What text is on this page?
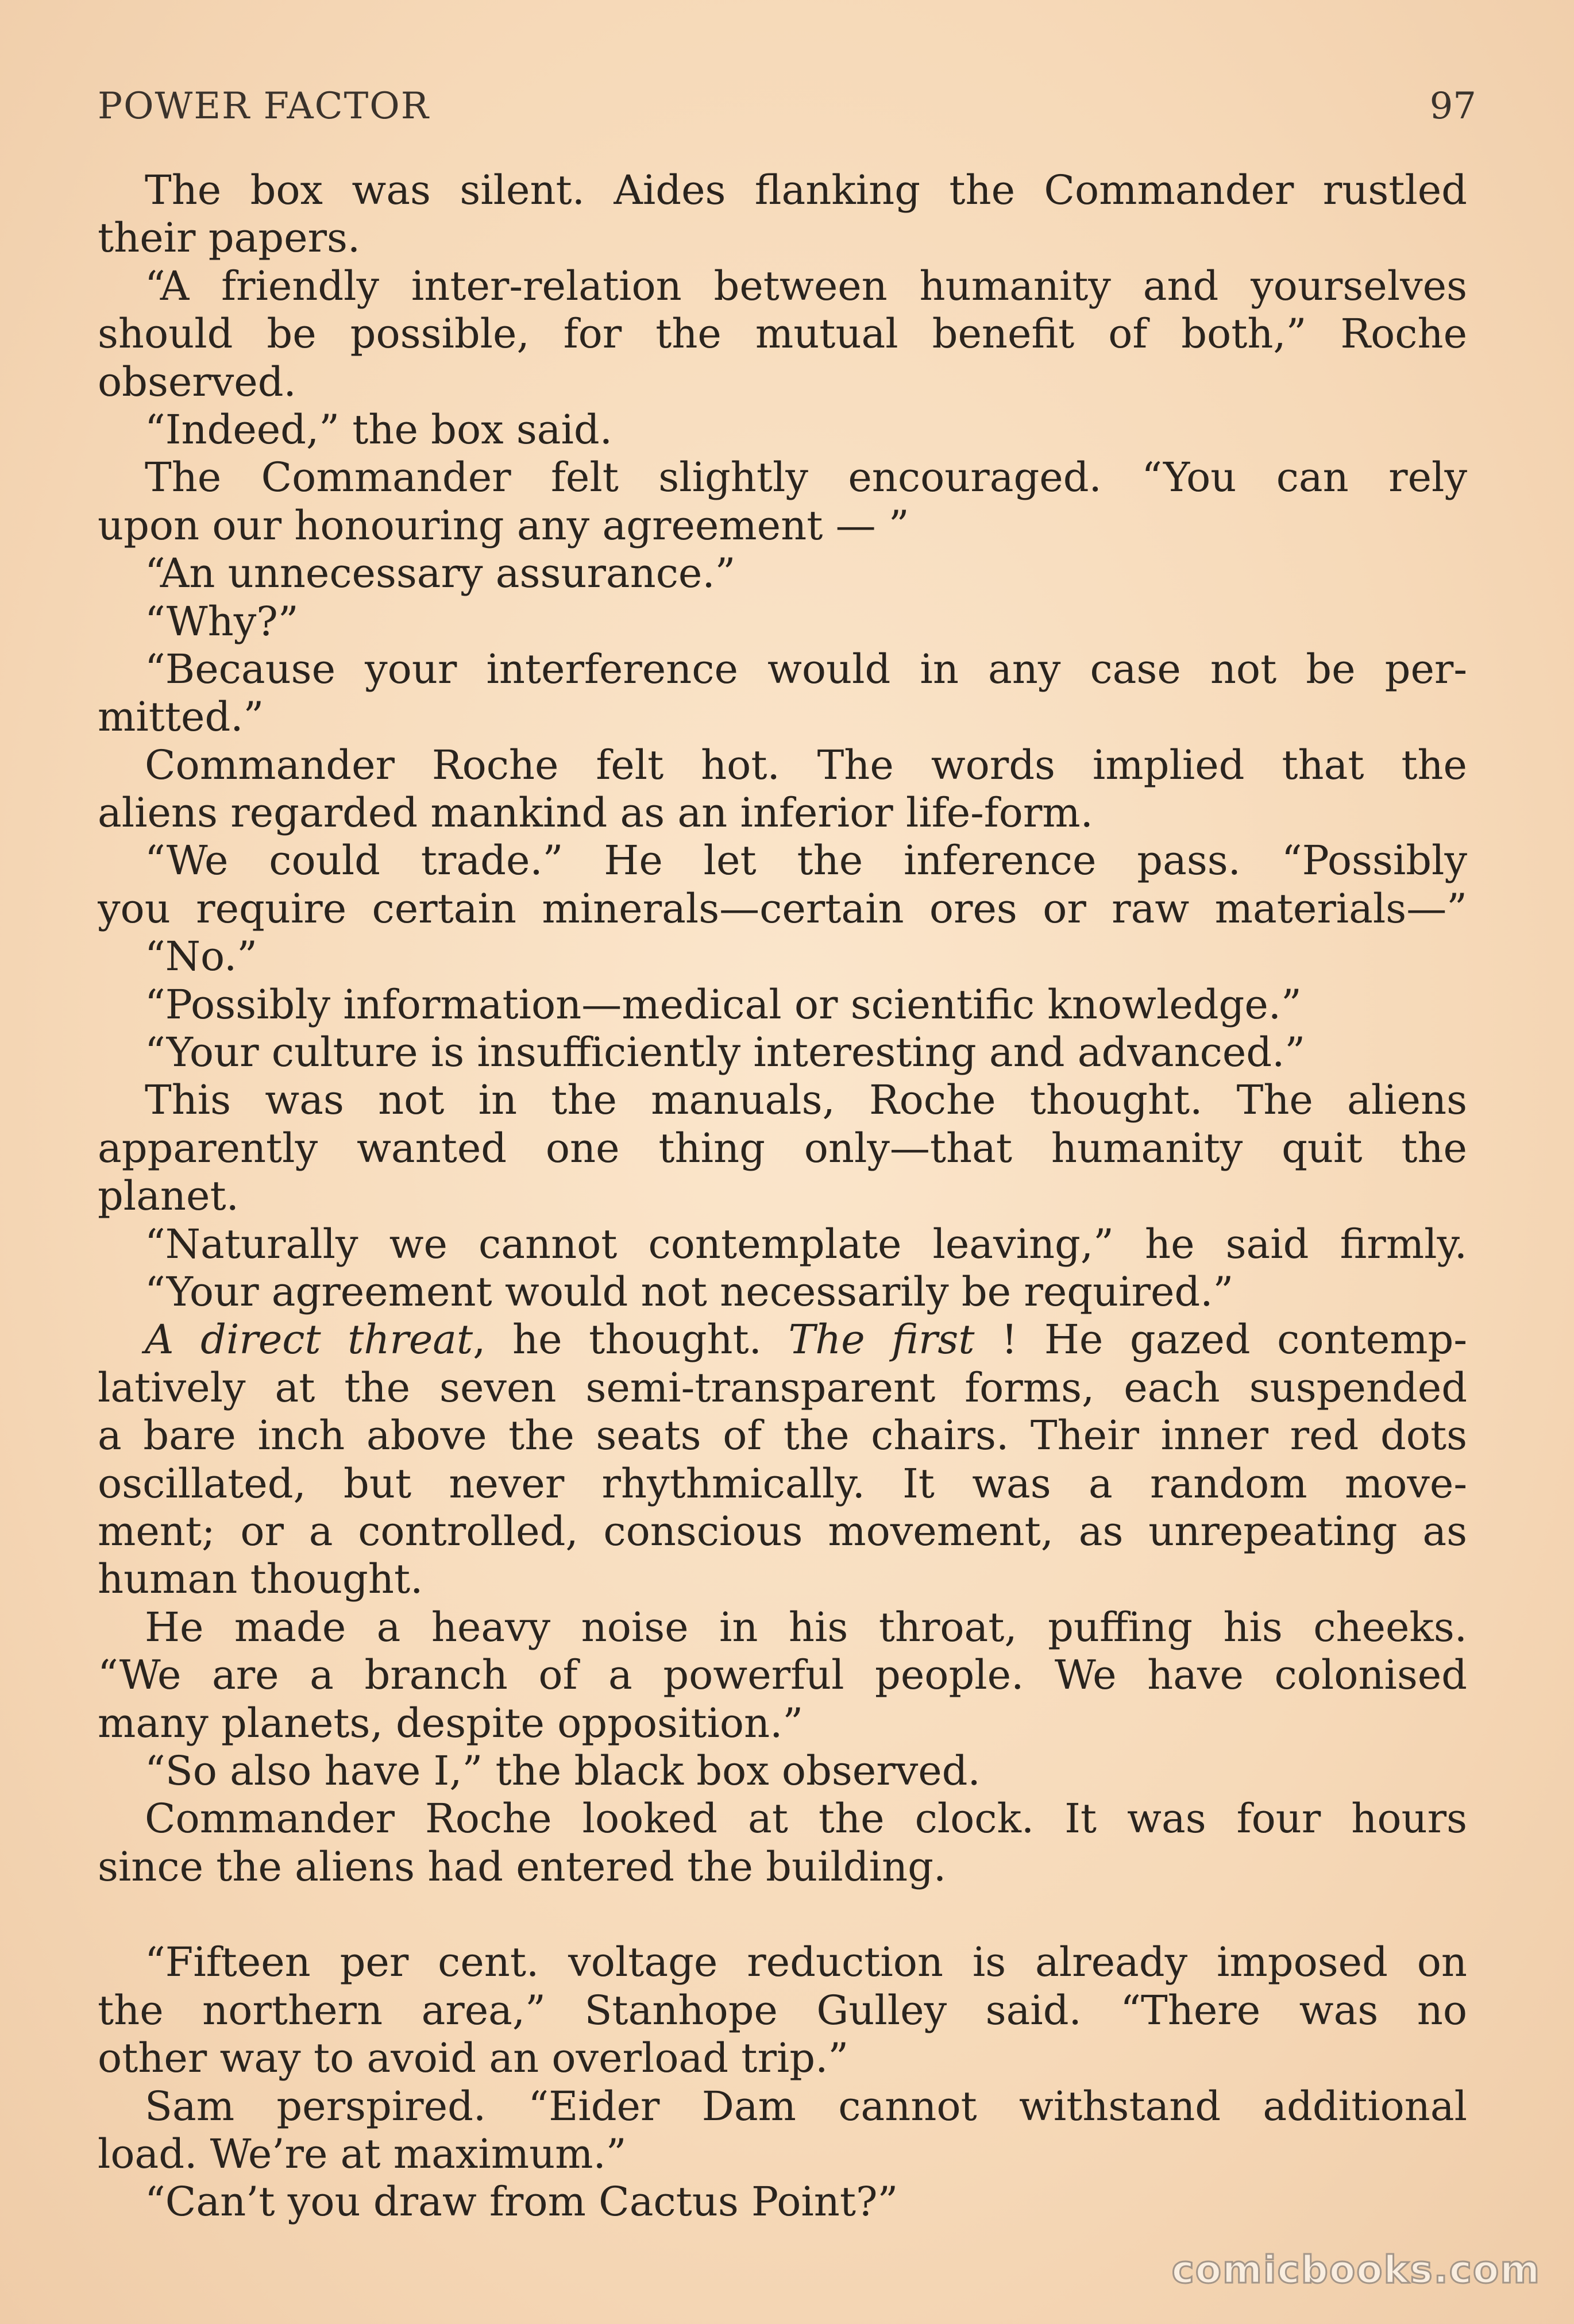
POWER FACTOR	97
The box was silent. Aides flanking the Commander rustled
their papers.
“A friendly inter-relation between humanity and yourselves
should be possible, for the mutual benefit of both,” Roche
observed.
“Indeed,” the box said.
The Commander felt slightly encouraged. “You can rely
upon our honouring any agreement — ”
“An unnecessary assurance.”
“Why?”
“Because your interference would in any case not be per-
mitted.”
Commander Roche felt hot. The words implied that the
aliens regarded mankind as an inferior life-form.
“We could trade.” He let the inference pass. “Possibly
you require certain minerals—certain ores or raw materials—”
“No.”
“Possibly information—medical or scientific knowledge.”
“Your culture is insufficiently interesting and advanced.”
This was not in the manuals, Roche thought. The aliens
apparently wanted one thing only—that humanity quit the
planet.
“Naturally we cannot contemplate leaving,” he said firmly.
“Your agreement would not necessarily be required.”
A direct threat, he thought. The first ! He gazed contemp-
latively at the seven semi-transparent forms, each suspended
a bare inch above the seats of the chairs. Their inner red dots
oscillated, but never rhythmically. It was a random move-
ment; or a controlled, conscious movement, as unrepeating as
human thought.
He made a heavy noise in his throat, puffing his cheeks.
“We are a branch of a powerful people. We have colonised
many planets, despite opposition.”
“So also have I,” the black box observed.
Commander Roche looked at the clock. It was four hours
since the aliens had entered the building.
“Fifteen per cent. voltage reduction is already imposed on
the northern area,” Stanhope Gulley said. “There was no
other way to avoid an overload trip.”
Sam perspired. “Eider Dam cannot withstand additional
load. We’re at maximum.”
“Can’t you draw from Cactus Point?”
comicbooks.com
